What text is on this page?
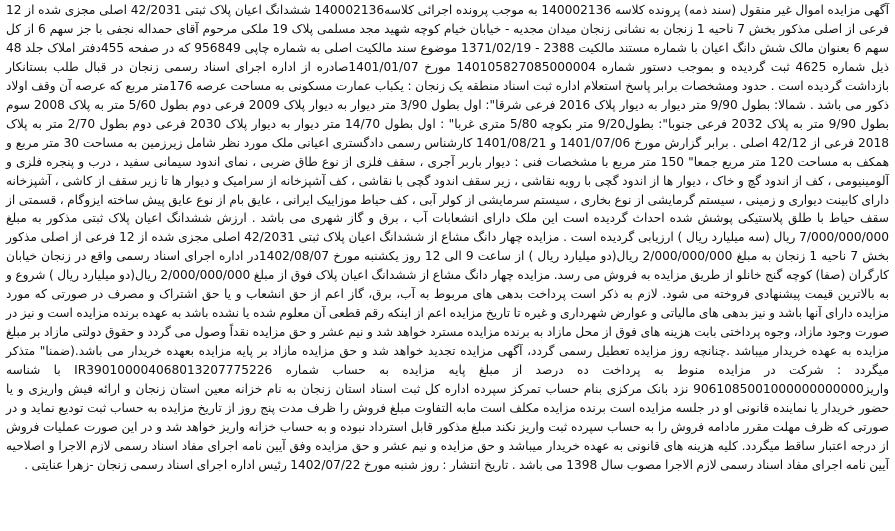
آگهی مزایده اموال غیر منقول (سند ذمه) پرونده کلاسه 140002136 به موجب پرونده اجرائی کلاسه140002136 ششدانگ اعیان پلاک ثبتی 42/2031 اصلی مجزی شده از 12 فرعی از اصلی مذکور بخش 7 ناحیه 1 زنجان به نشانی زنجان میدان مجدیه - خیابان خیام کوچه شهید مجد مسلمی پلاک 19 ملکی مرحوم آقای حمداله نجفی با جز سهم 6 از کل سهم 6 بعنوان مالک شش دانگ اعیان با شماره مستند مالکیت 2388 - 1371/02/19 موضوع سند مالکیت اصلی به شماره چاپی 956849 که در صفحه 455دفتر املاک جلد 48 ذیل شماره 4625 ثبت گردیده و بموجب دستور شماره 140105827085000004 مورخ 1401/01/07صادره از اداره اجرای اسناد رسمی زنجان در قبال طلب بستانکار بازداشت گردیده است . حدود ومشخصات برابر پاسخ استعلام اداره ثبت اسناد منطقه یک زنجان : یکباب عمارت مسکونی به مساحت عرصه 176متر مربع که عرصه آن وقف اولاد ذکور می باشد . شمالا: بطول 9/90 متر دیوار به دیوار پلاک 2016 فرعی شرقا": اول بطول 3/90 متر دیوار به دیوار پلاک 2009 فرعی دوم بطول 5/60 متر به پلاک 2008 سوم بطول 9/90 متر به پلاک 2032 فرعی جنوبا": بطول9/20 متر بکوچه 5/80 متری غربا" : اول بطول 14/70 متر دیوار به دیوار پلاک 2030 فرعی دوم بطول 2/70 متر به پلاک 2018 فرعی از 42/12 اصلی . برابر گزارش مورخ 1401/07/06 و 1401/08/21 کارشناس رسمی دادگستری اعیانی ملک مورد نظر شامل زیرزمین به مساحت 30 متر مربع و همکف به مساحت 120 متر مربع جمعا" 150 متر مربع با مشخصات فنی : دیوار باربر آجری ، سقف فلزی از نوع طاق ضربی ، نمای اندود سیمانی سفید ، درب و پنجره فلزی و آلومینیومی ، کف از اندود گچ و خاک ، دیوار ها از اندود گچی با رویه نقاشی ، زیر سقف اندود گچی با نقاشی ، کف آشپزخانه از سرامیک و دیوار ها تا زیر سقف از کاشی ، آشپزخانه دارای کابینت دیواری و زمینی ، سیستم گرمایشی از نوع بخاری ، سیستم سرمایشی از کولر آبی ، کف حیاط موزاییک ایرانی ، عایق بام از نوع عایق پیش ساخته ایزوگام ، قسمتی از سقف حیاط با طلق پلاستیکی پوشش شده احداث گردیده است این ملک دارای انشعابات آب ، برق و گاز شهری می باشد . ارزش ششدانگ اعیان پلاک ثبتی مذکور به مبلغ 7/000/000/000 ریال (سه میلیارد ریال ) ارزیابی گردیده است . مزایده چهار دانگ مشاع از ششدانگ اعیان پلاک ثبتی 42/2031 اصلی مجزی شده از 12 فرعی از اصلی مذکور بخش 7 ناحیه 1 زنجان به مبلغ 2/000/000/000 ریال(دو میلیارد ریال ) از ساعت 9 الی 12 روز یکشنبه مورخ 1402/08/07در اداره اجرای اسناد رسمی واقع در زنجان خیابان کارگران (صفا) کوچه گنج خانلو از طریق مزایده به فروش می رسد. مزایده چهار دانگ مشاع از ششدانگ اعیان پلاک فوق از مبلغ 2/000/000/000 ریال(دو میلیارد ریال ) شروع و به بالاترین قیمت پیشنهادی فروخته می شود. لازم به ذکر است پرداخت بدهی های مربوط به آب، برق، گاز اعم از حق انشعاب و یا حق اشتراک و مصرف در صورتی که مورد مزایده دارای آنها باشد و نیز بدهی های مالیاتی و عوارض شهرداری و غیره تا تاریخ مزایده اعم از اینکه رقم قطعی آن معلوم شده یا نشده باشد به عهده برنده مزایده است و نیز در صورت وجود مازاد، وجوه پرداختی بابت هزینه های فوق از محل مازاد به برنده مزایده مسترد خواهد شد و نیم عشر و حق مزایده نقداً وصول می گردد و حقوق دولتی مازاد بر مبلغ مزایده به عهده خریدار میباشد .چنانچه روز مزایده تعطیل رسمی گردد، آگهی مزایده تجدید خواهد شد و حق مزایده مازاد بر پایه مزایده بعهده خریدار می باشد.(ضمنا" متذکر میگردد : شرکت در مزایده منوط به پرداخت ده درصد از مبلغ پایه مزایده به حساب شماره IR390100004068013207775226 با شناسه واریز9061085001000000000000 نزد بانک مرکزی بنام حساب تمرکز سپرده اداره کل ثبت اسناد استان زنجان به نام خزانه معین استان زنجان و ارائه فیش واریزی و یا حضور خریدار یا نماینده قانونی او در جلسه مزایده است برنده مزایده مکلف است مابه التفاوت مبلغ فروش را ظرف مدت پنج روز از تاریخ مزایده به حساب ثبت تودیع نماید و در صورتی که ظرف مهلت مقرر مادامه فروش را به حساب سپرده ثبت واریز نکند مبلغ مذکور قابل استرداد نبوده و به حساب خزانه واریز خواهد شد و در این صورت عملیات فروش از درجه اعتبار ساقط میگردد. کلیه هزینه های قانونی به عهده خریدار میباشد و حق مزایده و نیم عشر و حق مزایده وفق آیین نامه اجرای مفاد اسناد رسمی لازم الاجرا و اصلاحیه آیین نامه اجرای مفاد اسناد رسمی لازم الاجرا مصوب سال 1398 می باشد . تاریخ انتشار : روز شنبه مورخ 1402/07/22 رئیس اداره اجرای اسناد رسمی زنجان -زهرا عنایتی .
